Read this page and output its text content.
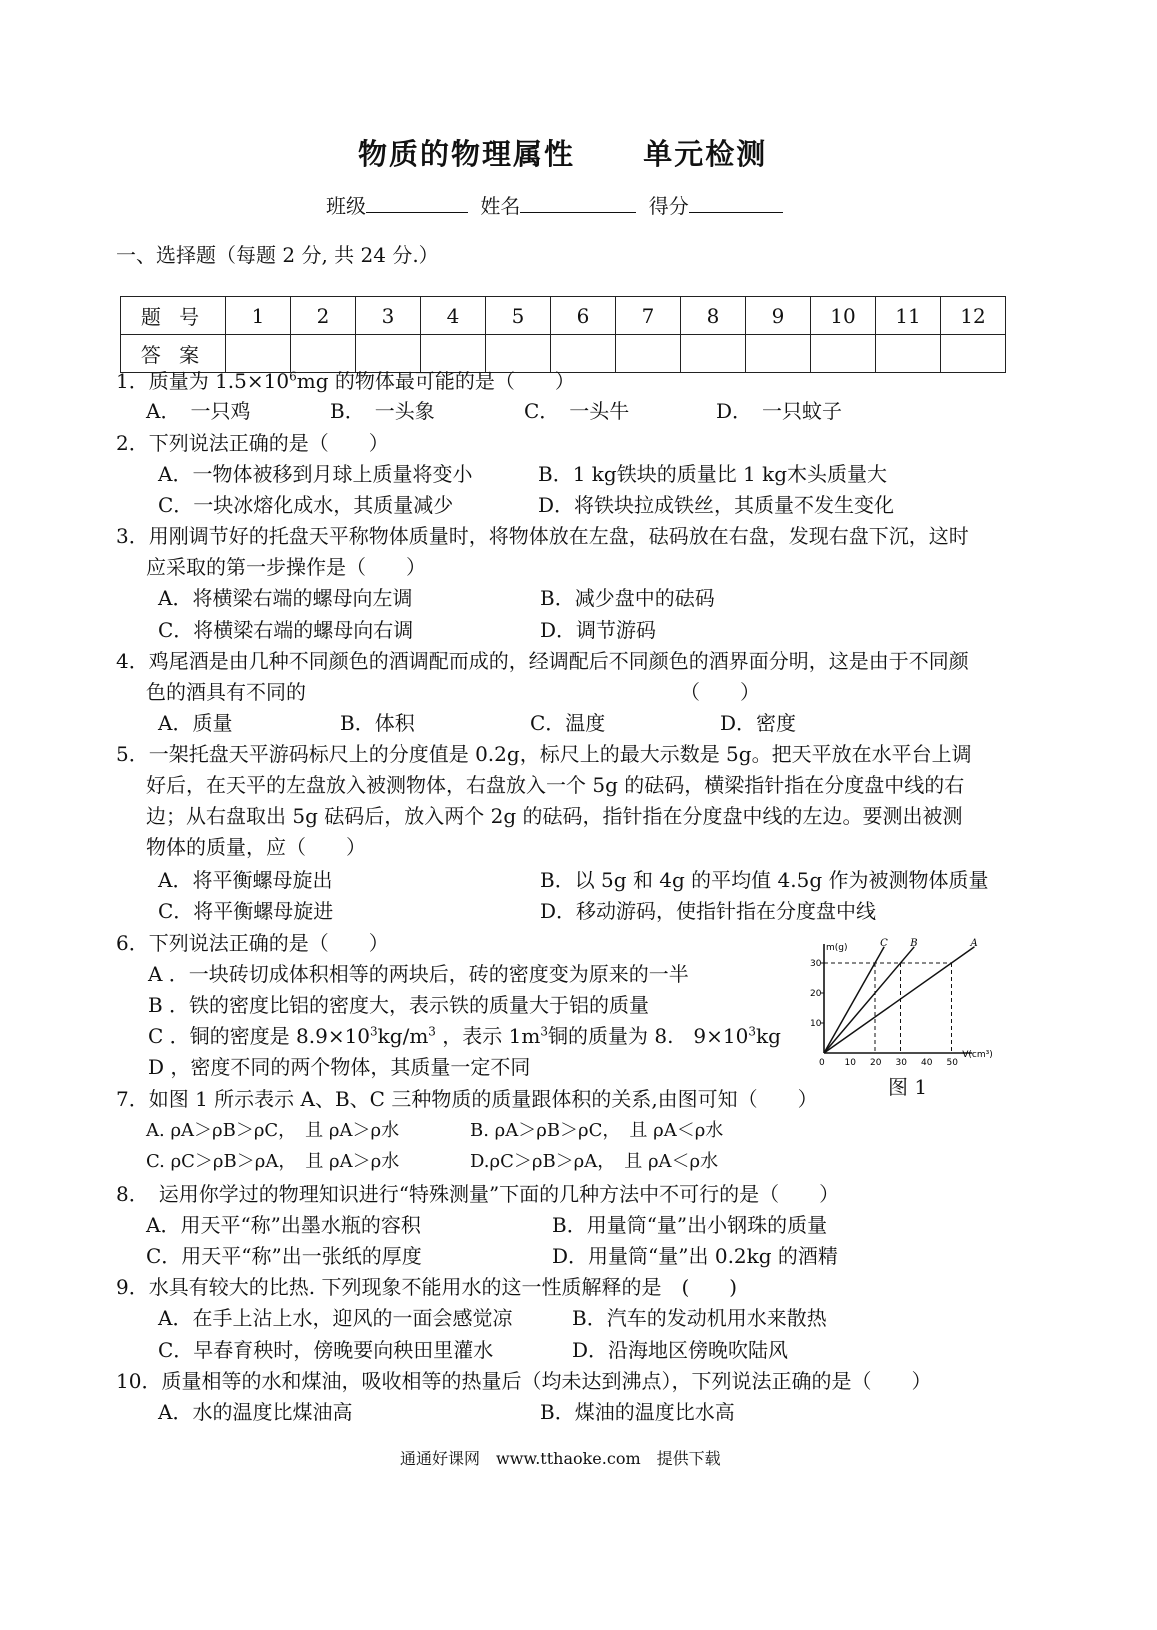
物质的物理属性 单元检测
班级	姓名	得分
一、选择题（每题 2 分, 共 24 分.）
题 号	1	2	3	4	5	6	7	8	9	10	11	12
答 案												
1．质量为 $1.5\times 10^6mg$ 的物体最可能的是（　　）
A．　一只鸡	B．　一头象	C．　一头牛	D．　一只蚊子
2．下列说法正确的是（　　）
A．一物体被移到月球上质量将变小	B．1 kg铁块的质量比 1 kg木头质量大
C．一块冰熔化成水，其质量减少	D．将铁块拉成铁丝，其质量不发生变化
3．用刚调节好的托盘天平称物体质量时，将物体放在左盘，砝码放在右盘，发现右盘下沉，这时
应采取的第一步操作是（　　）
A．将横梁右端的螺母向左调	B．减少盘中的砝码
C．将横梁右端的螺母向右调	D．调节游码
4．鸡尾酒是由几种不同颜色的酒调配而成的，经调配后不同颜色的酒界面分明，这是由于不同颜
色的酒具有不同的	（　　）
A．质量	B．体积	C．温度	D．密度
5．一架托盘天平游码标尺上的分度值是 0.2g，标尺上的最大示数是 5g。把天平放在水平台上调
好后，在天平的左盘放入被测物体，右盘放入一个 5g 的砝码，横梁指针指在分度盘中线的右
边；从右盘取出 5g 砝码后，放入两个 2g 的砝码，指针指在分度盘中线的左边。要测出被测
物体的质量，应（　　）
A．将平衡螺母旋出	B．以 5g 和 4g 的平均值 4.5g 作为被测物体质量
C．将平衡螺母旋进	D．移动游码，使指针指在分度盘中线
6．下列说法正确的是（　　）
A ．一块砖切成体积相等的两块后，砖的密度变为原来的一半
B ．铁的密度比铝的密度大，表示铁的质量大于铝的质量
C ．铜的密度是 $8.9\times 10^3kg/m^3$ ，表示 $1m^3$铜的质量为 8.　$9\times 10^3kg$
D ，密度不同的两个物体，其质量一定不同
m(g)
V(cm³)
0 10 20 30 40 50
10
20
30
C B	A
图 1
7．如图 1 所示表示 A、B、C 三种物质的质量跟体积的关系,由图可知（　　）
A. ρA＞ρB＞ρC，　且 ρA＞ρ水	B. ρA＞ρB＞ρC，　且 ρA＜ρ水
C. ρC＞ρB＞ρA，　且 ρA＞ρ水	D.ρC＞ρB＞ρA，　且 ρA＜ρ水
8．　运用你学过的物理知识进行“特殊测量”下面的几种方法中不可行的是（　　）
A．用天平“称”出墨水瓶的容积	B．用量筒“量”出小钢珠的质量
C．用天平“称”出一张纸的厚度	D．用量筒“量”出 0.2kg 的酒精
9．水具有较大的比热. 下列现象不能用水的这一性质解释的是　(　　)
A．在手上沾上水，迎风的一面会感觉凉	B．汽车的发动机用水来散热
C．早春育秧时，傍晚要向秧田里灌水	D．沿海地区傍晚吹陆风
10．质量相等的水和煤油，吸收相等的热量后（均未达到沸点），下列说法正确的是（　　）
A．水的温度比煤油高	B．煤油的温度比水高
通通好课网　www.tthaoke.com　提供下载
